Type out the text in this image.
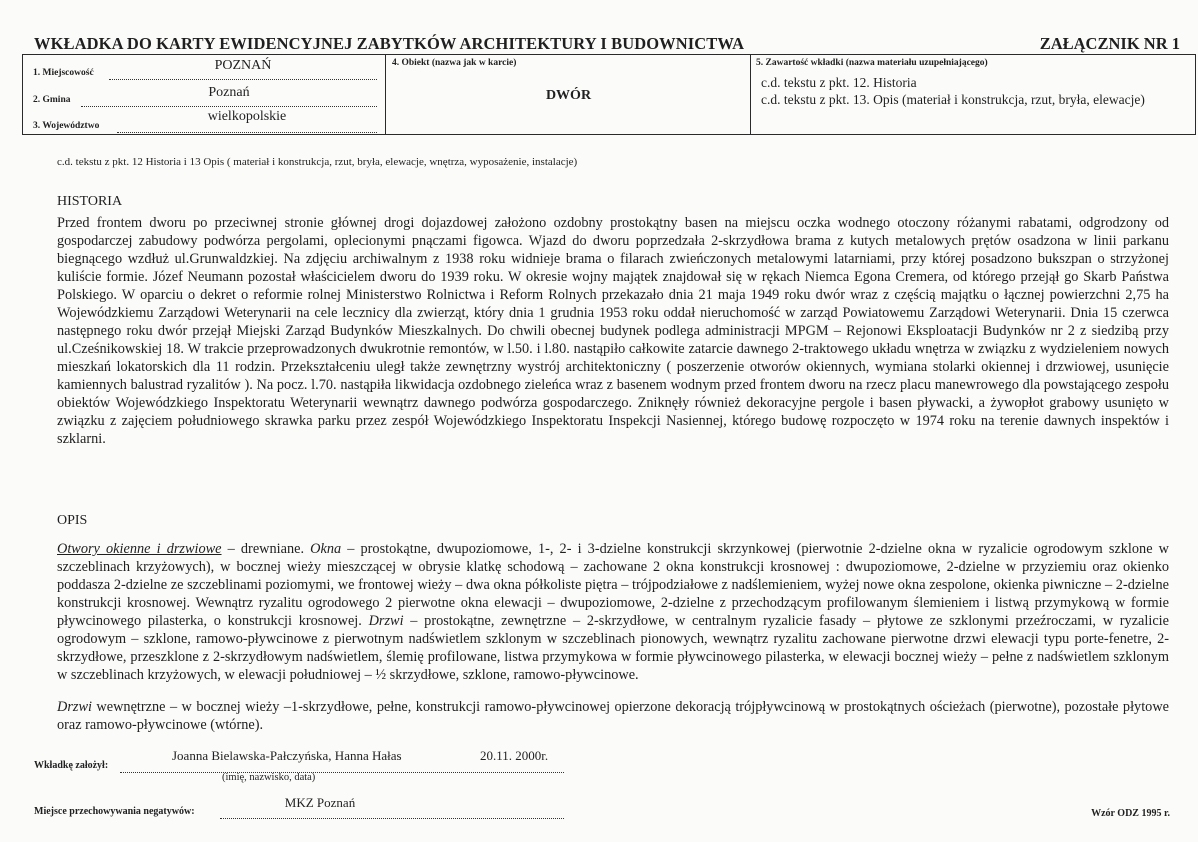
WKŁADKA DO KARTY EWIDENCYJNEJ ZABYTKÓW ARCHITEKTURY I BUDOWNICTWA	ZAŁĄCZNIK NR 1
1. Miejscowość	POZNAŃ
2. Gmina	Poznań
3. Województwo
wielkopolskie
4. Obiekt (nazwa jak w karcie)
DWÓR
5. Zawartość wkładki (nazwa materiału uzupełniającego)
c.d. tekstu z pkt. 12. Historia
c.d. tekstu z pkt. 13. Opis (materiał i konstrukcja, rzut, bryła, elewacje)
c.d. tekstu z pkt. 12 Historia i 13 Opis ( materiał i konstrukcja, rzut, bryła, elewacje, wnętrza, wyposażenie, instalacje)
HISTORIA

Przed frontem dworu po przeciwnej stronie głównej drogi dojazdowej założono ozdobny prostokątny basen na miejscu oczka wodnego otoczony różanymi rabatami, odgrodzony od gospodarczej zabudowy podwórza pergolami, oplecionymi pnączami figowca. Wjazd do dworu poprzedzała 2-skrzydłowa brama z kutych metalowych prętów osadzona w linii parkanu biegnącego wzdłuż ul.Grunwaldzkiej. Na zdjęciu archiwalnym z 1938 roku widnieje brama o filarach zwieńczonych metalowymi latarniami, przy której posadzono bukszpan o strzyżonej kuliście formie. Józef Neumann pozostał właścicielem dworu do 1939 roku. W okresie wojny majątek znajdował się w rękach Niemca Egona Cremera, od którego przejął go Skarb Państwa Polskiego. W oparciu o dekret o reformie rolnej Ministerstwo Rolnictwa i Reform Rolnych przekazało dnia 21 maja 1949 roku dwór wraz z częścią majątku o łącznej powierzchni 2,75 ha Wojewódzkiemu Zarządowi Weterynarii na cele lecznicy dla zwierząt, który dnia 1 grudnia 1953 roku oddał nieruchomość w zarząd Powiatowemu Zarządowi Weterynarii. Dnia 15 czerwca następnego roku dwór przejął Miejski Zarząd Budynków Mieszkalnych. Do chwili obecnej budynek podlega administracji MPGM – Rejonowi Eksploatacji Budynków nr 2 z siedzibą przy ul.Cześnikowskiej 18. W trakcie przeprowadzonych dwukrotnie remontów, w l.50. i l.80. nastąpiło całkowite zatarcie dawnego 2-traktowego układu wnętrza w związku z wydzieleniem nowych mieszkań lokatorskich dla 11 rodzin. Przekształceniu uległ także zewnętrzny wystrój architektoniczny ( poszerzenie otworów okiennych, wymiana stolarki okiennej i drzwiowej, usunięcie kamiennych balustrad ryzalitów ). Na pocz. l.70. nastąpiła likwidacja ozdobnego zieleńca wraz z basenem wodnym przed frontem dworu na rzecz placu manewrowego dla powstającego zespołu obiektów Wojewódzkiego Inspektoratu Weterynarii wewnątrz dawnego podwórza gospodarczego. Zniknęły również dekoracyjne pergole i basen pływacki, a żywopłot grabowy usunięto w związku z zajęciem południowego skrawka parku przez zespół Wojewódzkiego Inspektoratu Inspekcji Nasiennej, którego budowę rozpoczęto w 1974 roku na terenie dawnych inspektów i szklarni.

OPIS

Otwory okienne i drzwiowe – drewniane. Okna – prostokątne, dwupoziomowe, 1-, 2- i 3-dzielne konstrukcji skrzynkowej (pierwotnie 2-dzielne okna w ryzalicie ogrodowym szklone w szczeblinach krzyżowych), w bocznej wieży mieszczącej w obrysie klatkę schodową – zachowane 2 okna konstrukcji krosnowej : dwupoziomowe, 2-dzielne w przyziemiu oraz okienko poddasza 2-dzielne ze szczeblinami poziomymi, we frontowej wieży – dwa okna półkoliste piętra – trójpodziałowe z nadślemieniem, wyżej nowe okna zespolone, okienka piwniczne – 2-dzielne konstrukcji krosnowej. Wewnątrz ryzalitu ogrodowego 2 pierwotne okna elewacji – dwupoziomowe, 2-dzielne z przechodzącym profilowanym ślemieniem i listwą przymykową w formie pływcinowego pilasterka, o konstrukcji krosnowej. Drzwi – prostokątne, zewnętrzne – 2-skrzydłowe, w centralnym ryzalicie fasady – płytowe ze szklonymi przeźroczami, w ryzalicie ogrodowym – szklone, ramowo-pływcinowe z pierwotnym nadświetlem szklonym w szczeblinach pionowych, wewnątrz ryzalitu zachowane pierwotne drzwi elewacji typu porte-fenetre, 2-skrzydłowe, przeszklone z 2-skrzydłowym nadświetlem, ślemię profilowane, listwa przymykowa w formie pływcinowego pilasterka, w elewacji bocznej wieży – pełne z nadświetlem szklonym w szczeblinach krzyżowych, w elewacji południowej – ½ skrzydłowe, szklone, ramowo-pływcinowe.

Drzwi wewnętrzne – w bocznej wieży –1-skrzydłowe, pełne, konstrukcji ramowo-pływcinowej opierzone dekoracją trójpływcinową w prostokątnych ościeżach (pierwotne), pozostałe płytowe oraz ramowo-pływcinowe (wtórne).

Wkładkę założył:
Joanna Bielawska-Pałczyńska, Hanna Hałas	20.11. 2000r.
(imię, nazwisko, data)
Miejsce przechowywania negatywów:
MKZ Poznań
Wzór ODZ 1995 r.
